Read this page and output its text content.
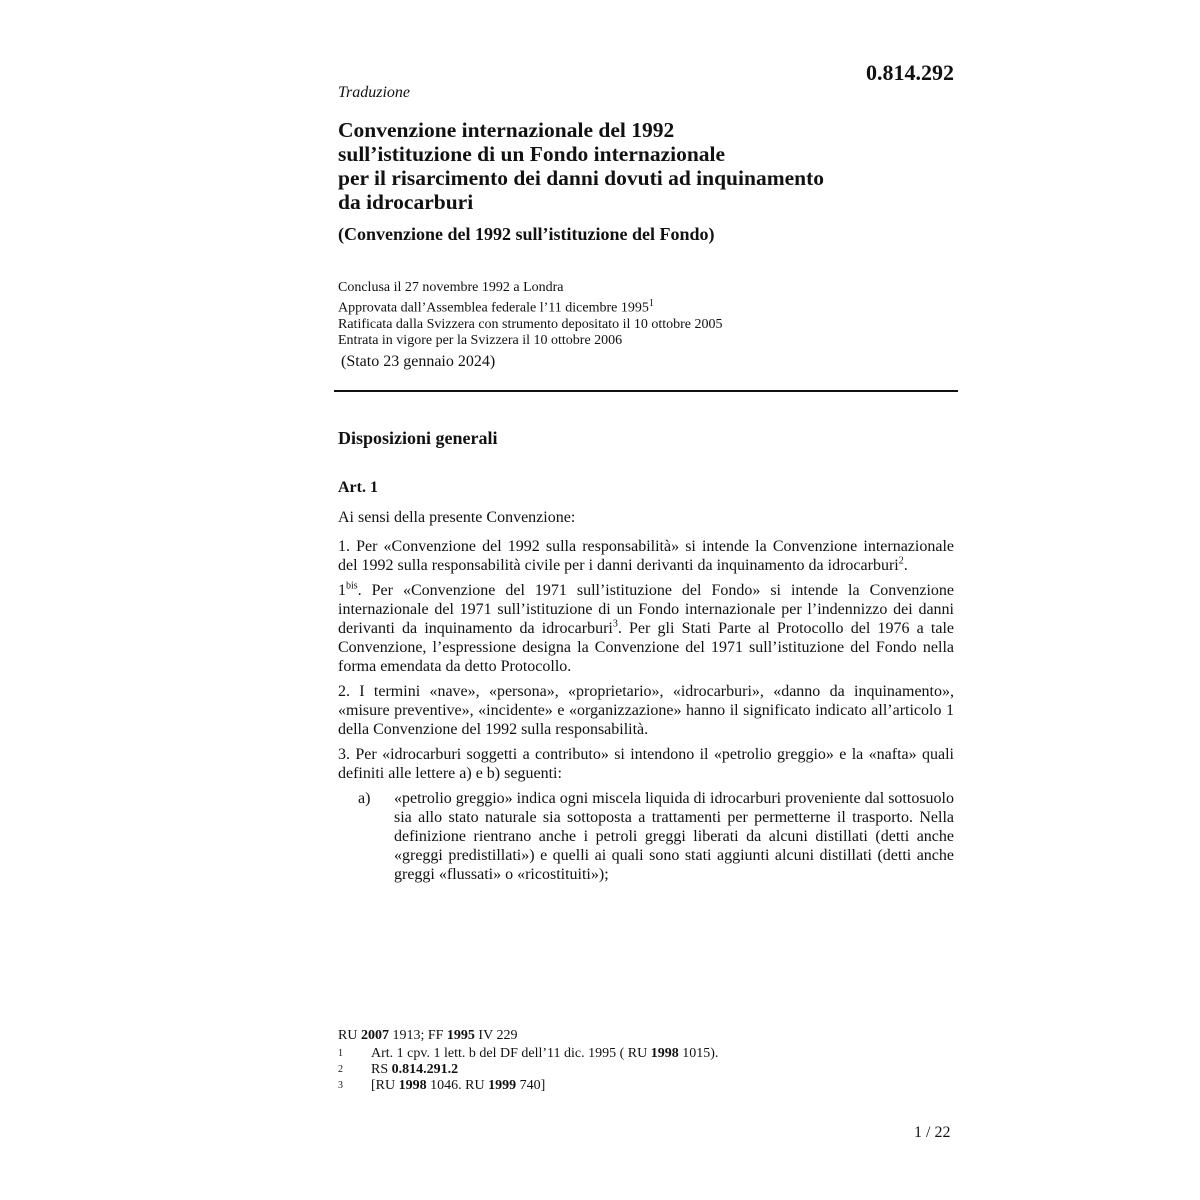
0.814.292
Traduzione
Convenzione internazionale del 1992
sull’istituzione di un Fondo internazionale
per il risarcimento dei danni dovuti ad inquinamento
da idrocarburi
(Convenzione del 1992 sull’istituzione del Fondo)
Conclusa il 27 novembre 1992 a Londra
Approvata dall’Assemblea federale l’11 dicembre 1995$^1$
Ratificata dalla Svizzera con strumento depositato il 10 ottobre 2005
Entrata in vigore per la Svizzera il 10 ottobre 2006
(Stato 23 gennaio 2024)
Disposizioni generali
Art. 1

Ai sensi della presente Convenzione:

1. Per «Convenzione del 1992 sulla responsabilità» si intende la Convenzione internazionale del 1992 sulla responsabilità civile per i danni derivanti da inquinamento da idrocarburi$^2$.

$1^{bis}$. Per «Convenzione del 1971 sull’istituzione del Fondo» si intende la Convenzione internazionale del 1971 sull’istituzione di un Fondo internazionale per l’indennizzo dei danni derivanti da inquinamento da idrocarburi$^3$. Per gli Stati Parte al Protocollo del 1976 a tale Convenzione, l’espressione designa la Convenzione del 1971 sull’istituzione del Fondo nella forma emendata da detto Protocollo.

2. I termini «nave», «persona», «proprietario», «idrocarburi», «danno da inquinamento», «misure preventive», «incidente» e «organizzazione» hanno il significato indicato all’articolo 1 della Convenzione del 1992 sulla responsabilità.

3. Per «idrocarburi soggetti a contributo» si intendono il «petrolio greggio» e la «nafta» quali definiti alle lettere a) e b) seguenti:

a)	«petrolio greggio» indica ogni miscela liquida di idrocarburi proveniente dal sottosuolo sia allo stato naturale sia sottoposta a trattamenti per permetterne il trasporto. Nella definizione rientrano anche i petroli greggi liberati da alcuni distillati (detti anche «greggi predistillati») e quelli ai quali sono stati aggiunti alcuni distillati (detti anche greggi «flussati» o «ricostituiti»);
RU 2007 1913; FF 1995 IV 229
1	Art. 1 cpv. 1 lett. b del DF dell’11 dic. 1995 ( RU 1998 1015).
2	RS 0.814.291.2
3	[RU 1998 1046. RU 1999 740]
1 / 22
